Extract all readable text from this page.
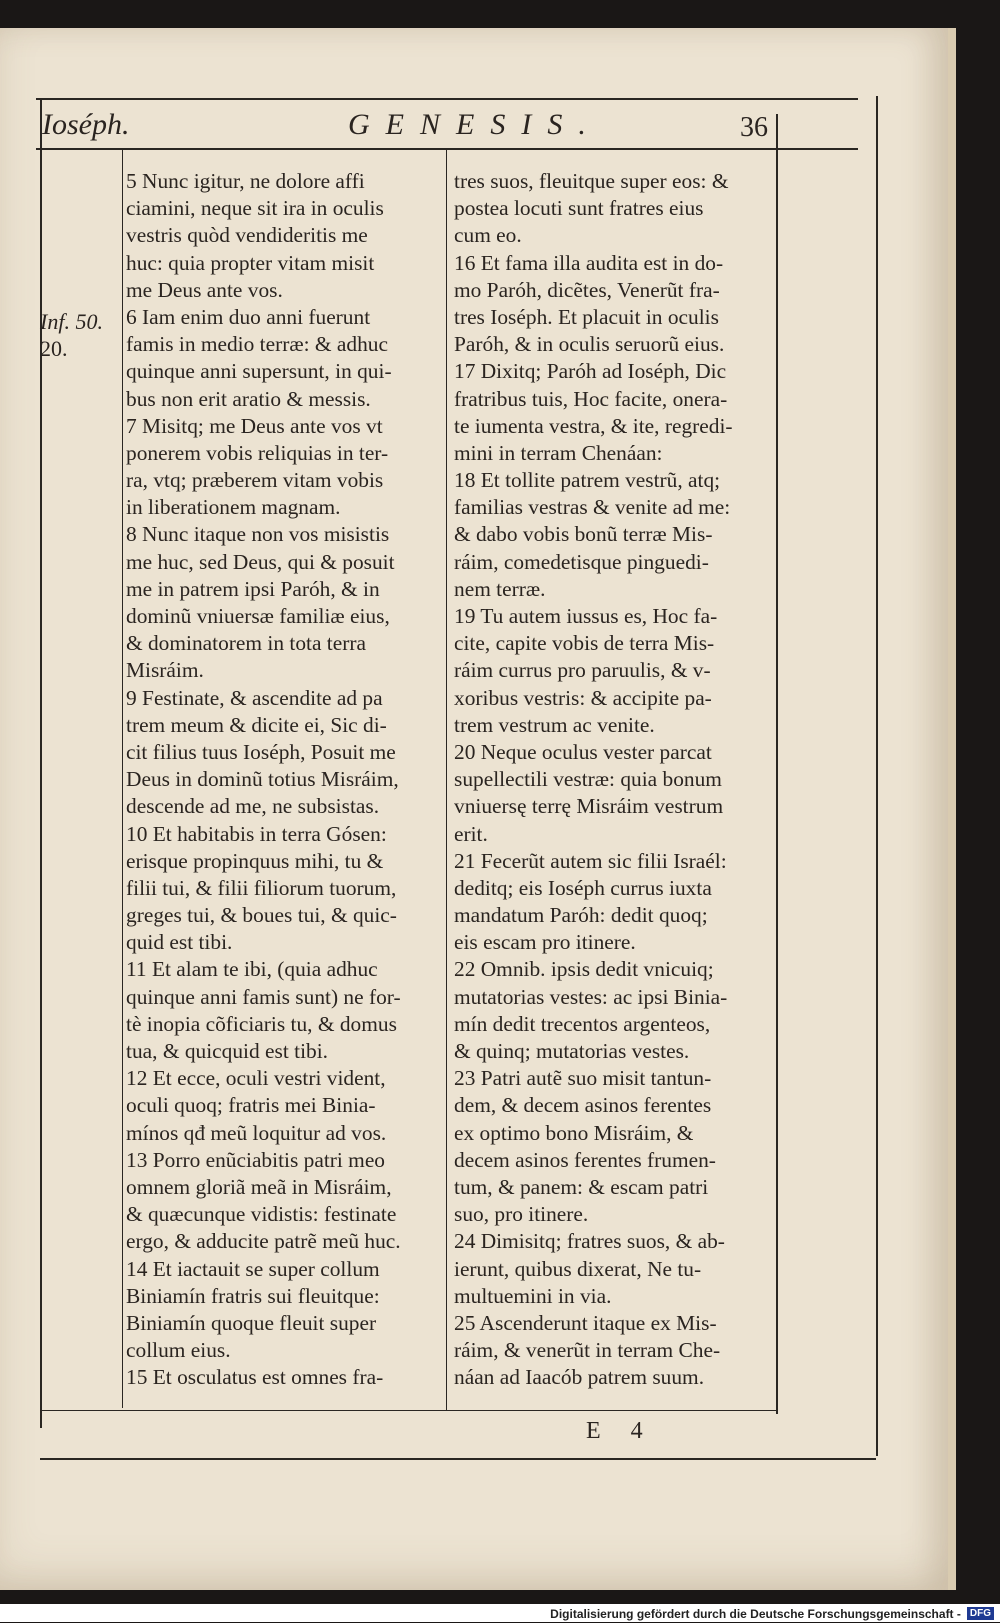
Ioséph.	GENESIS.	36
Inf. 50.
20.
5 Nunc igitur, ne dolore affi
ciamini, neque sit ira in oculis
vestris quòd vendideritis me
huc: quia propter vitam misit
me Deus ante vos.
6 Iam enim duo anni fuerunt
famis in medio terræ: & adhuc
quinque anni supersunt, in qui-
bus non erit aratio & messis.
7 Misitq; me Deus ante vos vt
ponerem vobis reliquias in ter-
ra, vtq; præberem vitam vobis
in liberationem magnam.
8 Nunc itaque non vos misistis
me huc, sed Deus, qui & posuit
me in patrem ipsi Paróh, & in
dominũ vniuersæ familiæ eius,
& dominatorem in tota terra
Misráim.
9 Festinate, & ascendite ad pa
trem meum & dicite ei, Sic di-
cit filius tuus Ioséph, Posuit me
Deus in dominũ totius Misráim,
descende ad me, ne subsistas.
10 Et habitabis in terra Gósen:
erisque propinquus mihi, tu &
filii tui, & filii filiorum tuorum,
greges tui, & boues tui, & quic-
quid est tibi.
11 Et alam te ibi, (quia adhuc
quinque anni famis sunt) ne for-
tè inopia cõficiaris tu, & domus
tua, & quicquid est tibi.
12 Et ecce, oculi vestri vident,
oculi quoq; fratris mei Binia-
mínos qđ meũ loquitur ad vos.
13 Porro enũciabitis patri meo
omnem gloriã meã in Misráim,
& quæcunque vidistis: festinate
ergo, & adducite patrẽ meũ huc.
14 Et iactauit se super collum
Biniamín fratris sui fleuitque:
Biniamín quoque fleuit super
collum eius.
15 Et osculatus est omnes fra-
tres suos, fleuitque super eos: &
postea locuti sunt fratres eius
cum eo.
16 Et fama illa audita est in do-
mo Paróh, dicẽtes, Venerũt fra-
tres Ioséph. Et placuit in oculis
Paróh, & in oculis seruorũ eius.
17 Dixitq; Paróh ad Ioséph, Dic
fratribus tuis, Hoc facite, onera-
te iumenta vestra, & ite, regredi-
mini in terram Chenáan:
18 Et tollite patrem vestrũ, atq;
familias vestras & venite ad me:
& dabo vobis bonũ terræ Mis-
ráim, comedetisque pinguedi-
nem terræ.
19 Tu autem iussus es, Hoc fa-
cite, capite vobis de terra Mis-
ráim currus pro paruulis, & v-
xoribus vestris: & accipite pa-
trem vestrum ac venite.
20 Neque oculus vester parcat
supellectili vestræ: quia bonum
vniuersę terrę Misráim vestrum
erit.
21 Fecerũt autem sic filii Israél:
deditq; eis Ioséph currus iuxta
mandatum Paróh: dedit quoq;
eis escam pro itinere.
22 Omnib. ipsis dedit vnicuiq;
mutatorias vestes: ac ipsi Binia-
mín dedit trecentos argenteos,
& quinq; mutatorias vestes.
23 Patri autẽ suo misit tantun-
dem, & decem asinos ferentes
ex optimo bono Misráim, &
decem asinos ferentes frumen-
tum, & panem: & escam patri
suo, pro itinere.
24 Dimisitq; fratres suos, & ab-
ierunt, quibus dixerat, Ne tu-
multuemini in via.
25 Ascenderunt itaque ex Mis-
ráim, & venerũt in terram Che-
náan ad Iaacób patrem suum.
E 4
Digitalisierung gefördert durch die Deutsche Forschungsgemeinschaft - DFG
